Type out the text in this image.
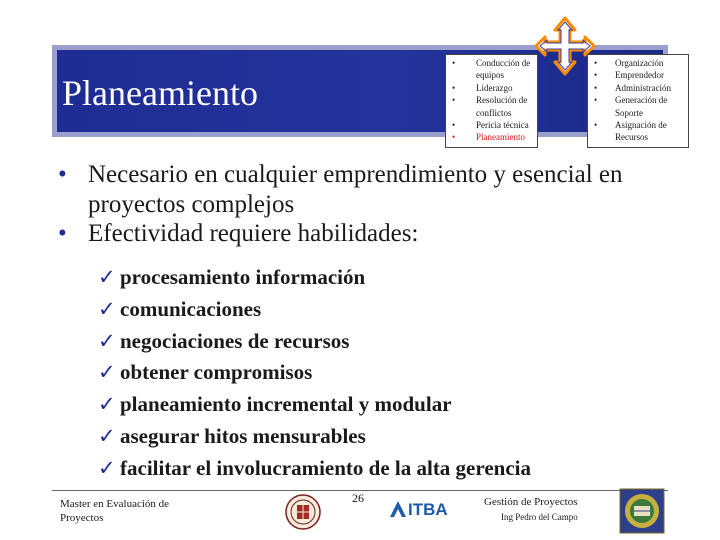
Planeamiento
• Conducción de equipos
• Liderazgo
• Resolución de conflictos
• Pericia técnica
• Planeamiento
• Organización
• Emprendedor
• Administración
• Generación de Soporte
• Asignación de Recursos
• Necesario en cualquier emprendimiento y esencial en proyectos complejos
• Efectividad requiere habilidades:
✓ procesamiento información
✓ comunicaciones
✓ negociaciones de recursos
✓ obtener compromisos
✓ planeamiento incremental y modular
✓ asegurar hitos mensurables
✓ facilitar el involucramiento de la alta gerencia
Master en Evaluación de Proyectos
26
ITBA	Gestión de Proyectos
Ing Pedro del Campo
